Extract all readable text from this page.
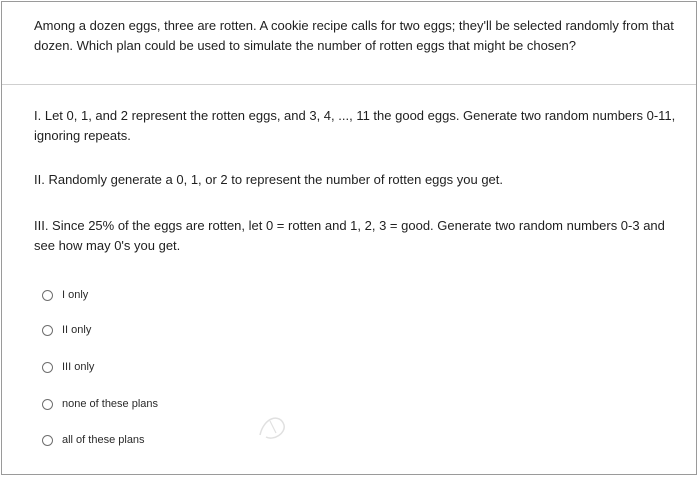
Among a dozen eggs, three are rotten. A cookie recipe calls for two eggs; they'll be selected randomly from that dozen. Which plan could be used to simulate the number of rotten eggs that might be chosen?

I. Let 0, 1, and 2 represent the rotten eggs, and 3, 4, ..., 11 the good eggs. Generate two random numbers 0-11, ignoring repeats.

II. Randomly generate a 0, 1, or 2 to represent the number of rotten eggs you get.

III. Since 25% of the eggs are rotten, let 0 = rotten and 1, 2, 3 = good. Generate two random numbers 0-3 and see how may 0's you get.

I only
II only
III only
none of these plans
all of these plans
